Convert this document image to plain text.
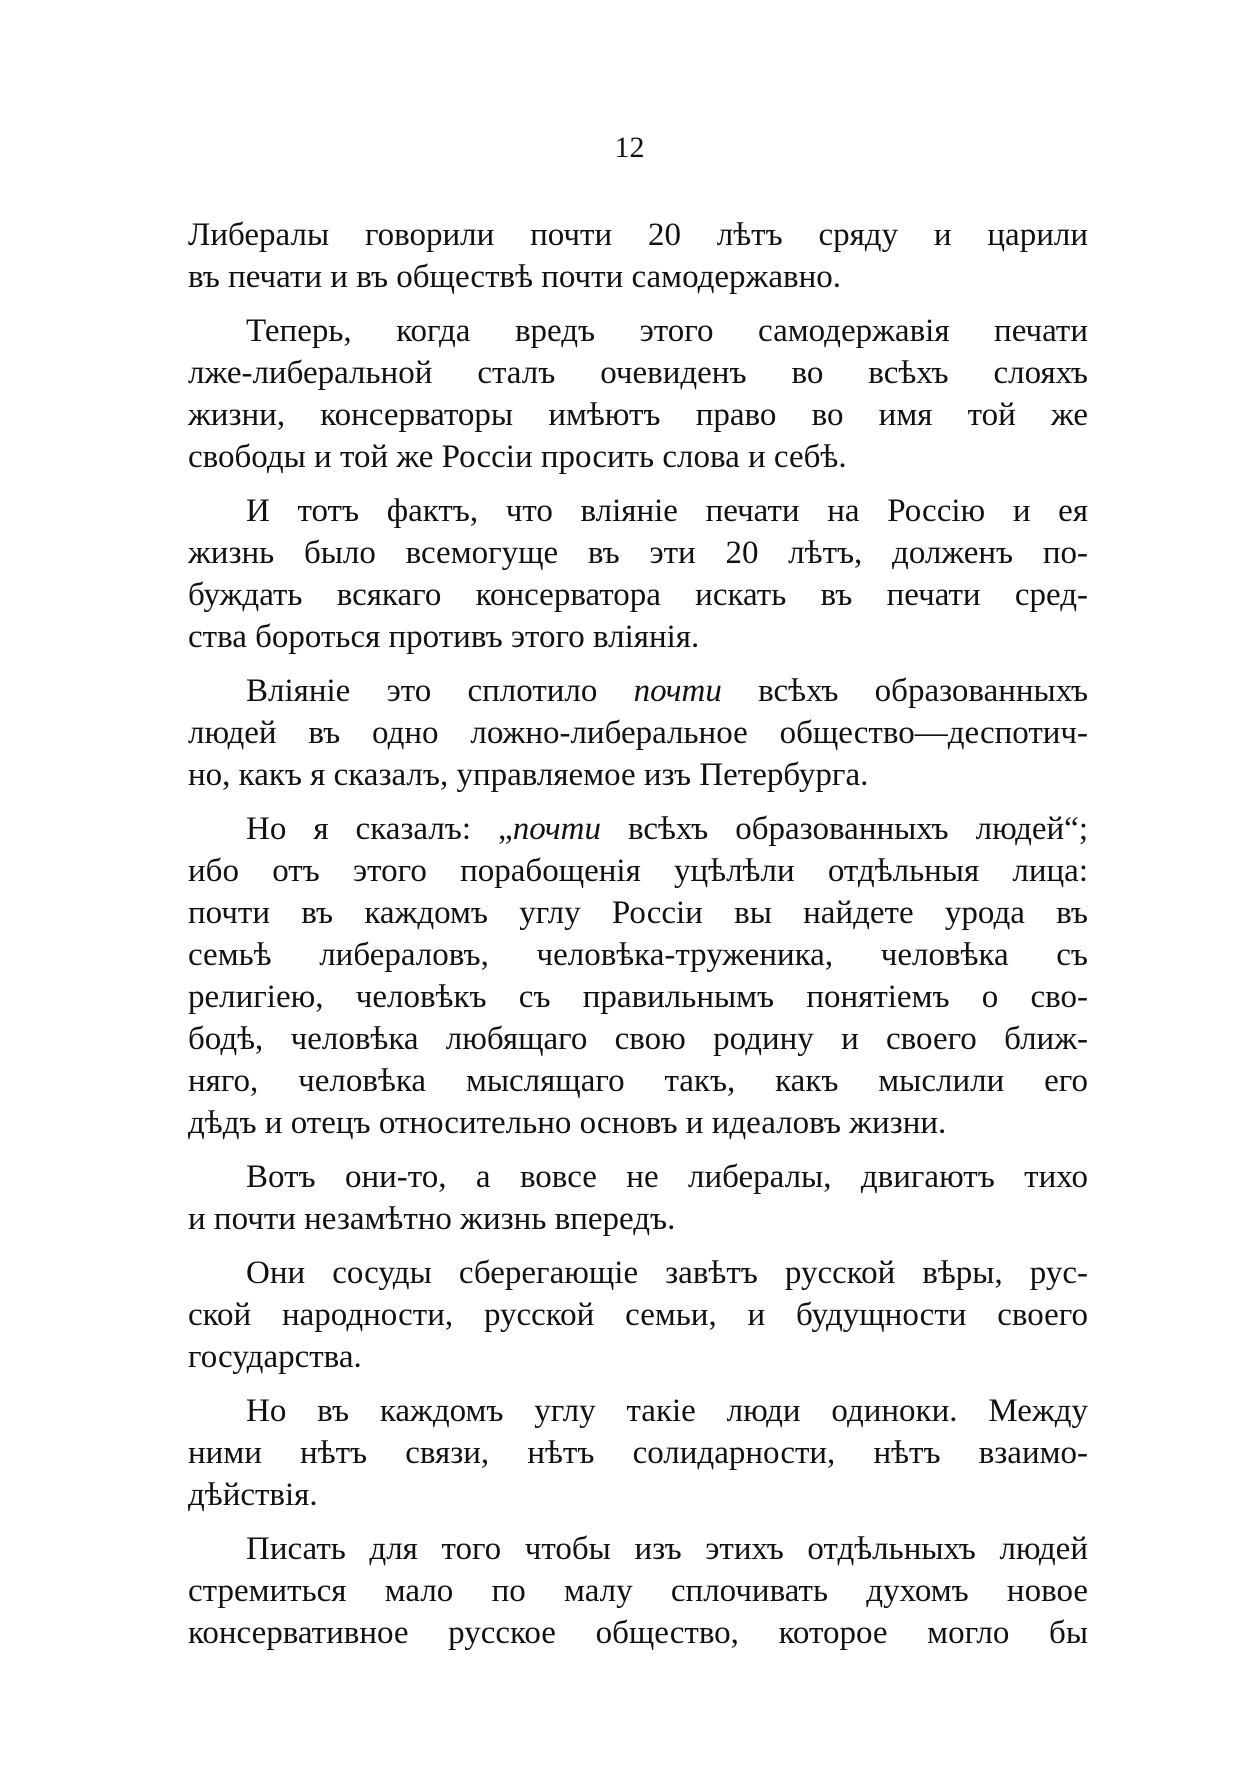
12
Либералы говорили почти 20 лѣтъ сряду и царили
въ печати и въ обществѣ почти самодержавно.
Теперь, когда вредъ этого самодержавія печати
лже-либеральной сталъ очевиденъ во всѣхъ слояхъ
жизни, консерваторы имѣютъ право во имя той же
свободы и той же Россіи просить слова и себѣ.
И тотъ фактъ, что вліяніе печати на Россію и ея
жизнь было всемогуще въ эти 20 лѣтъ, долженъ по-
буждать всякаго консерватора искать въ печати сред-
ства бороться противъ этого вліянія.
Вліяніе это сплотило почти всѣхъ образованныхъ
людей въ одно ложно-либеральное общество—деспотич-
но, какъ я сказалъ, управляемое изъ Петербурга.
Но я сказалъ: „почти всѣхъ образованныхъ людей“;
ибо отъ этого порабощенія уцѣлѣли отдѣльныя лица:
почти въ каждомъ углу Россіи вы найдете урода въ
семьѣ либераловъ, человѣка-труженика, человѣка съ
религіею, человѣкъ съ правильнымъ понятіемъ о сво-
бодѣ, человѣка любящаго свою родину и своего ближ-
няго, человѣка мыслящаго такъ, какъ мыслили его
дѣдъ и отецъ относительно основъ и идеаловъ жизни.
Вотъ они-то, а вовсе не либералы, двигаютъ тихо
и почти незамѣтно жизнь впередъ.
Они сосуды сберегающіе завѣтъ русской вѣры, рус-
ской народности, русской семьи, и будущности своего
государства.
Но въ каждомъ углу такіе люди одиноки. Между
ними нѣтъ связи, нѣтъ солидарности, нѣтъ взаимо-
дѣйствія.
Писать для того чтобы изъ этихъ отдѣльныхъ людей
стремиться мало по малу сплочивать духомъ новое
консервативное русское общество, которое могло бы
